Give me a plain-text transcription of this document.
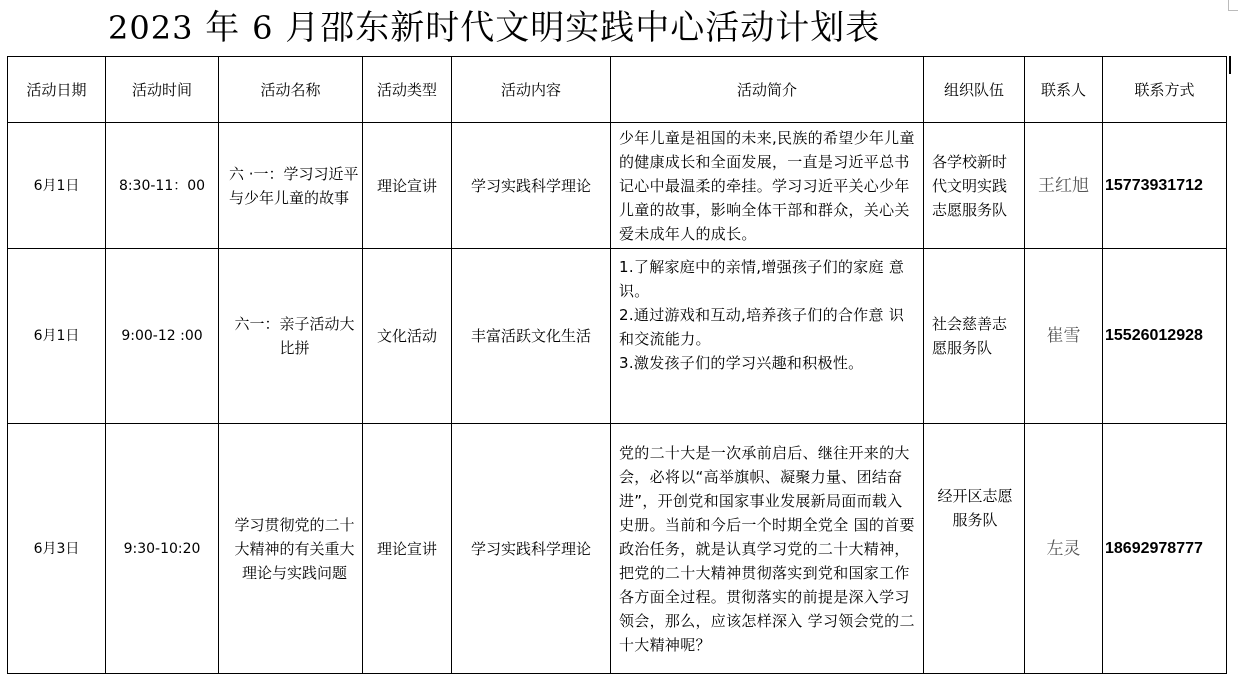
2023 年 6 月邵东新时代文明实践中心活动计划表
活动日期	活动时间	活动名称	活动类型	活动内容	活动简介	组织队伍	联系人	联系方式
6月1日	8:30-11：00	六 ·一：学习习近平与少年儿童的故事	理论宣讲	学习实践科学理论	少年儿童是祖国的未来,民族的希望少年儿童的健康成长和全面发展，一直是习近平总书记心中最温柔的牵挂。学习习近平关心少年儿童的故事，影响全体干部和群众，关心关爱未成年人的成长。	各学校新时代文明实践志愿服务队	王红旭	15773931712
6月1日	9:00-12 :00	六一：亲子活动大比拼	文化活动	丰富活跃文化生活	1.了解家庭中的亲情,增强孩子们的家庭 意识。
2.通过游戏和互动,培养孩子们的合作意 识和交流能力。
3.激发孩子们的学习兴趣和积极性。	社会慈善志愿服务队	崔雪	15526012928
6月3日	9:30-10:20	学习贯彻党的二十大精神的有关重大理论与实践问题	理论宣讲	学习实践科学理论	党的二十大是一次承前启后、继往开来的大会，必将以“高举旗帜、凝聚力量、团结奋进”，开创党和国家事业发展新局面而载入史册。当前和今后一个时期全党全 国的首要政治任务，就是认真学习党的二十大精神，把党的二十大精神贯彻落实到党和国家工作各方面全过程。贯彻落实的前提是深入学习领会，那么，应该怎样深入 学习领会党的二十大精神呢？	经开区志愿服务队	左灵	18692978777
